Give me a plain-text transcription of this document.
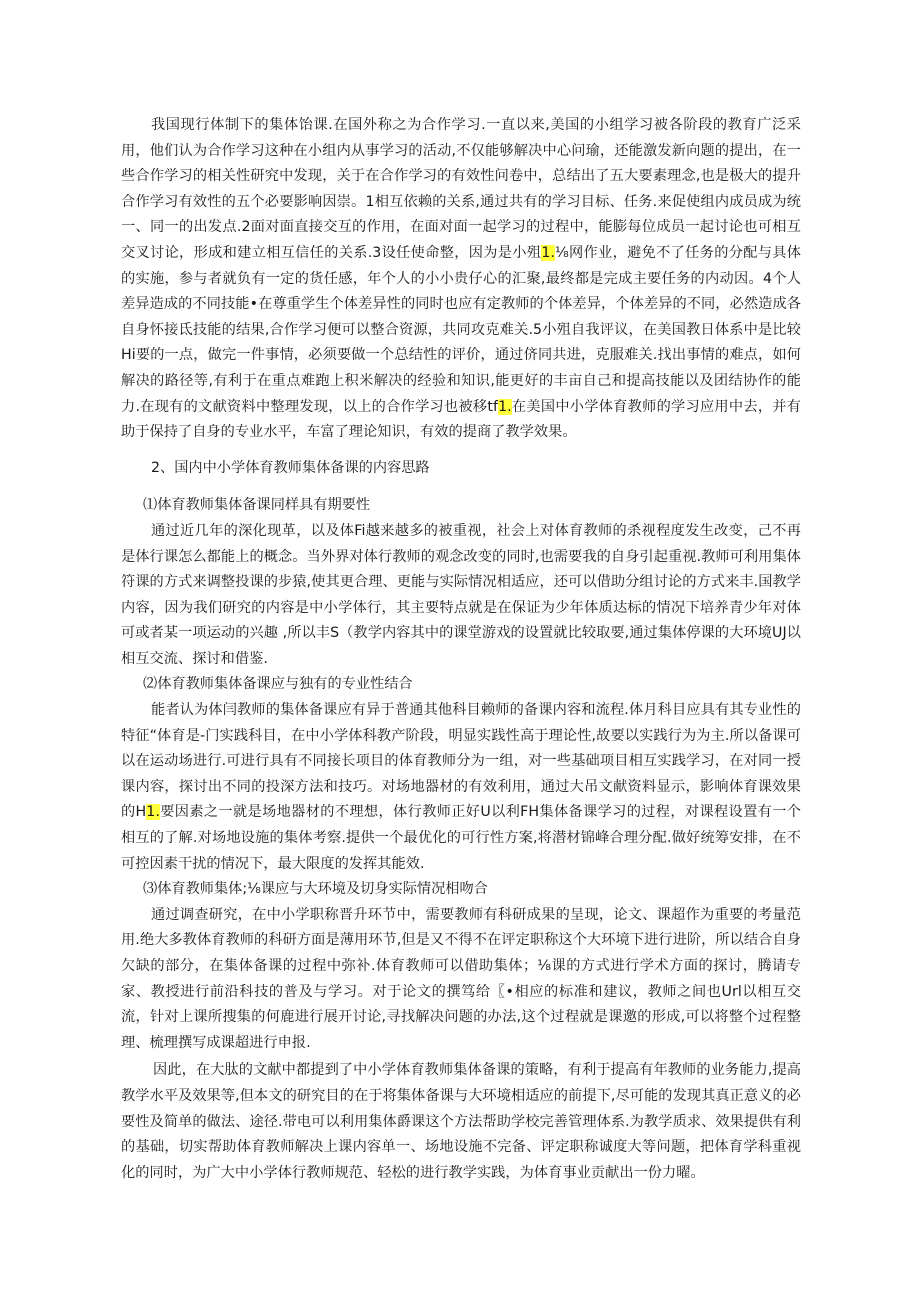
我国现行体制下的集体饴课.在国外称之为合作学习.一直以来,美国的小组学习被各阶段的教育广泛采用，他们认为合作学习这种在小组内从事学习的活动,不仅能够解决中心问瑜，还能激发新向题的提出，在一些合作学习的相关性研究中发现，关于在合作学习的有效性问卷中，总结出了五大要素理念,也是极大的提升合作学习有效性的五个必要影响因崇。1相互依赖的关系,通过共有的学习目标、任务.来促使组内成员成为统一、同一的出发点.2面对面直接交互的作用，在面对面一起学习的过程中，能膨每位成员一起讨论也可相互交叉讨论，形成和建立相互信任的关系.3设任使命整，因为是小殂1.⅛网作业，避免不了任务的分配与具体的实施，参与者就负有一定的货任感，年个人的小小贵仔心的汇聚,最终都是完成主要任务的内动因。4个人差异造成的不同技能•在尊重学生个体差异性的同时也应有定教师的个体差异，个体差异的不同，必然造成各自身怀接氐技能的结果,合作学习便可以整合资源，共同攻克难关.5小殂自我评议，在美国教日体系中是比较Hi要的一点，做完一件事情，必须要做一个总结性的评价，通过侪同共进，克服难关.找出事情的难点，如何解决的路径等,有利于在重点难跑上积米解决的经验和知识,能更好的丰亩自己和提高技能以及团结协作的能力.在现有的文献资料中整理发现，以上的合作学习也被移tf1.在美国中小学体育教师的学习应用中去，并有助于保持了自身的专业水平，车富了理论知识，有效的提商了教学效果。

2、国内中小学体育教师集体备课的内容思路

⑴体育教师集体备课同样具有期要性

通过近几年的深化现革，以及体Fi越来越多的被重视，社会上对体育教师的杀视程度发生改变，己不再是体行课怎么都能上的概念。当外界对体行教师的观念改变的同时,也需要我的自身引起重视.教师可利用集体符课的方式来调整投课的步猿,使其更合理、更能与实际情况相适应，还可以借助分组讨论的方式来丰.国教学内容，因为我们研究的内容是中小学体行，其主要特点就是在保证为少年体质达标的情况下培养青少年对体可或者某一项运动的兴趣 ,所以丰S（教学内容其中的课堂游戏的设置就比较取要,通过集体停课的大环境UJ以相互交流、探讨和借鉴.

⑵体育教师集体备课应与独有的专业性结合

能者认为体闫教师的集体备课应有异于普通其他科目赖师的备课内容和流程.体月科目应具有其专业性的特征“体育是-门实践科目，在中小学体科教产阶段，明显实践性高于理论性,故要以实践行为为主.所以备课可以在运动场进行.可进行具有不同接长项目的体育教师分为一组，对一些基础项目相互实践学习，在对同一授课内容，探讨出不同的投深方法和技巧。对场地器材的有效利用，通过大吊文献资料显示，影响体育课效果的H1.要因素之一就是场地器材的不理想，体行教师正好U以利FH集体备课学习的过程，对课程设置有一个相互的了解.对场地设施的集体考察.提供一个最优化的可行性方案,将潜材锦峰合理分配.做好统筹安排，在不可控因素干扰的情况下，最大限度的发挥其能效.

⑶体育教师集体;⅛课应与大环境及切身实际情况相吻合

通过调查研究，在中小学职称晋升环节中，需要教师有科研成果的呈现，论文、课超作为重要的考量范用.绝大多教体育教师的科研方面是薄用环节,但是又不得不在评定职称这个大环境下进行进阶，所以结合自身欠缺的部分，在集体备课的过程中弥补.体育教师可以借助集体；⅛课的方式进行学术方面的探讨，腾请专家、教授进行前沿科技的普及与学习。对于论文的撰笃给〖•相应的标准和建议，教师之间也Url以相互交流，针对上课所搜集的何鹿进行展开讨论,寻找解决问题的办法,这个过程就是课邀的形成,可以将整个过程整理、梳理撰写成课超进行申报.

因此，在大肽的文献中都提到了中小学体育教师集体备课的策略，有利于提高有年教师的业务能力,提高教学水平及效果等,但本文的研究目的在于将集体备课与大环境相适应的前提下,尽可能的发现其真正意义的必要性及简单的做法、途径.带电可以利用集体爵课这个方法帮助学校完善管理体系.为教学质求、效果提供有利的基础，切实帮助体育教师解决上课内容单一、场地设施不完备、评定职称诚度大等问题，把体育学科重视化的同时，为广大中小学体行教师规范、轻松的进行教学实践，为体育事业贡献出一份力曜。
